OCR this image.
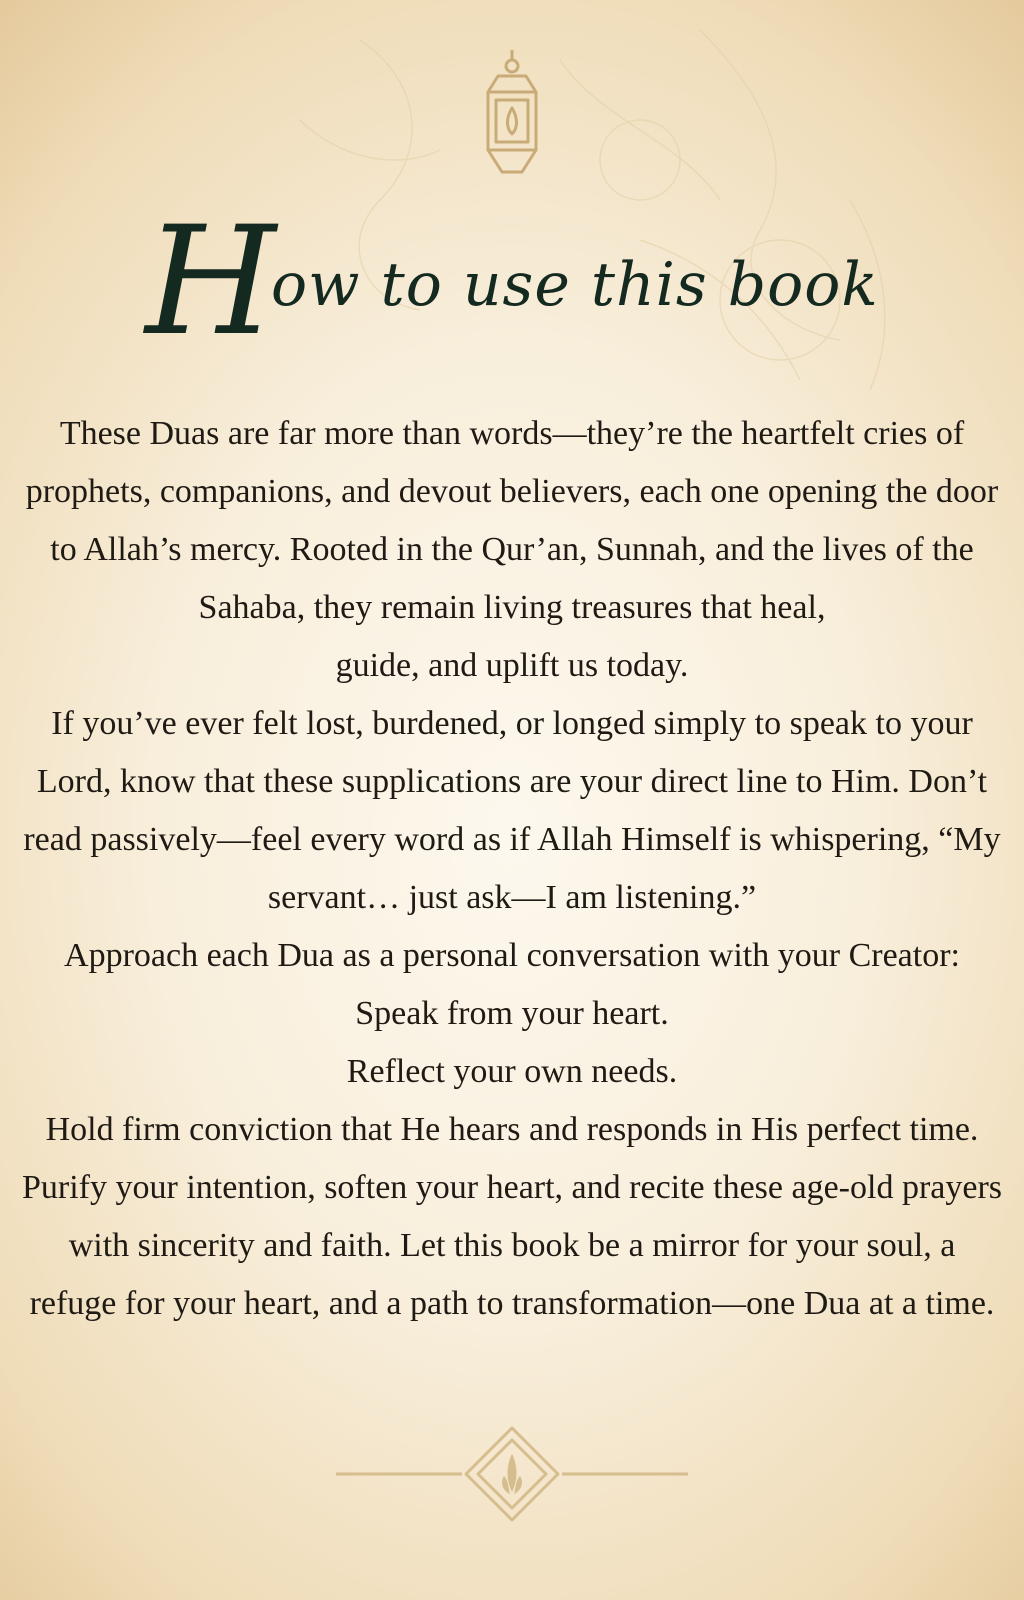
How to use this book

These Duas are far more than words—they’re the heartfelt cries of prophets, companions, and devout believers, each one opening the door to Allah’s mercy. Rooted in the Qur’an, Sunnah, and the lives of the Sahaba, they remain living treasures that heal,

guide, and uplift us today.

If you’ve ever felt lost, burdened, or longed simply to speak to your Lord, know that these supplications are your direct line to Him. Don’t read passively—feel every word as if Allah Himself is whispering, “My servant… just ask—I am listening.”

Approach each Dua as a personal conversation with your Creator:

Speak from your heart.

Reflect your own needs.

Hold firm conviction that He hears and responds in His perfect time.

Purify your intention, soften your heart, and recite these age-old prayers with sincerity and faith. Let this book be a mirror for your soul, a refuge for your heart, and a path to transformation—one Dua at a time.
